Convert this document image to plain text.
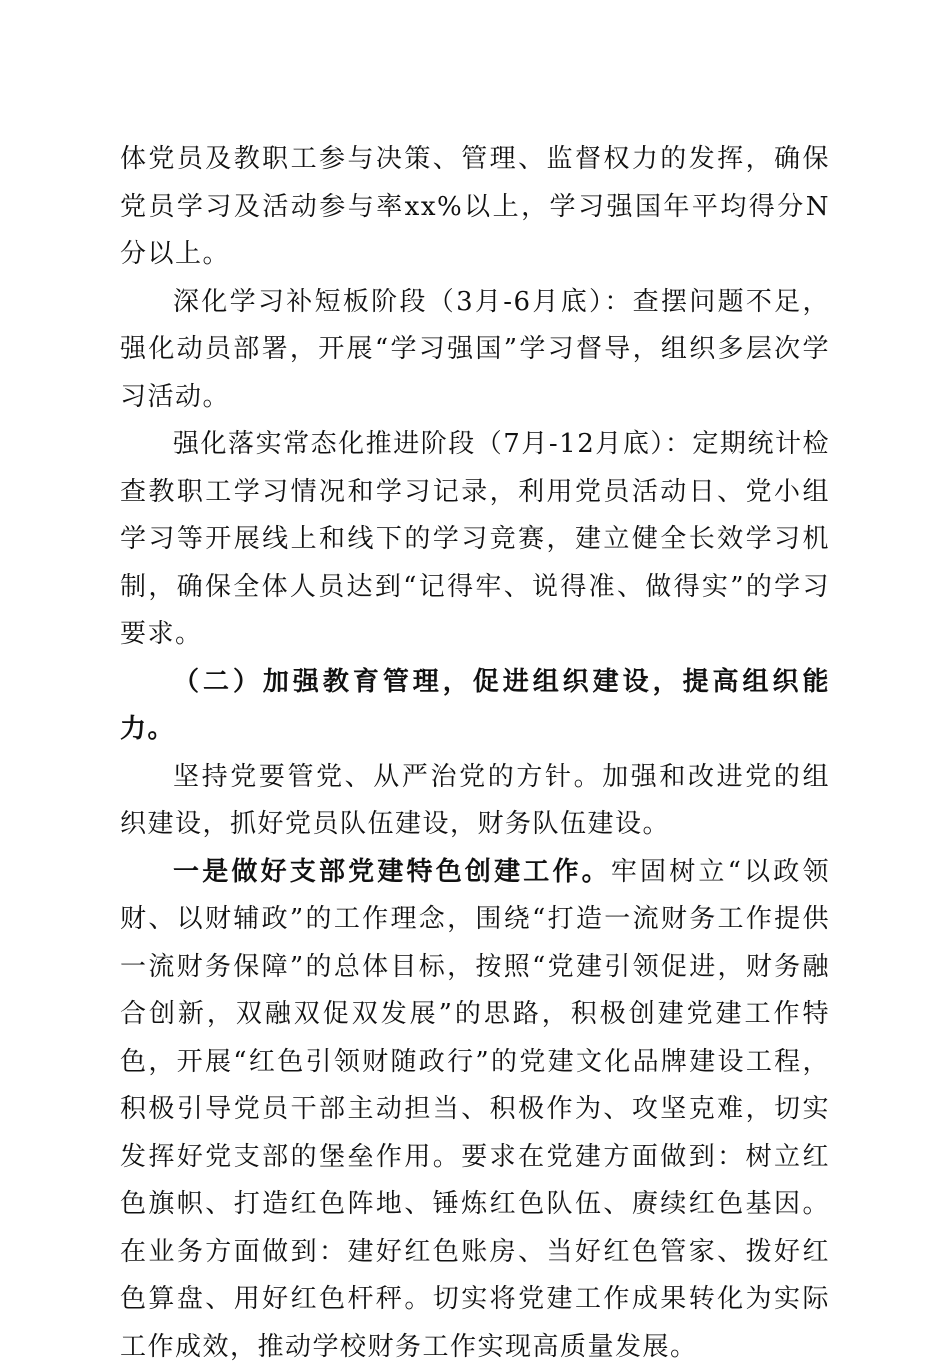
体党员及教职工参与决策、管理、监督权力的发挥，确保党员学习及活动参与率xx%以上，学习强国年平均得分N分以上。

深化学习补短板阶段（3月-6月底）：查摆问题不足，强化动员部署，开展“学习强国”学习督导，组织多层次学习活动。

强化落实常态化推进阶段（7月-12月底）：定期统计检查教职工学习情况和学习记录，利用党员活动日、党小组学习等开展线上和线下的学习竞赛，建立健全长效学习机制，确保全体人员达到“记得牢、说得准、做得实”的学习要求。

（二）加强教育管理，促进组织建设，提高组织能力。

坚持党要管党、从严治党的方针。加强和改进党的组织建设，抓好党员队伍建设，财务队伍建设。

一是做好支部党建特色创建工作。牢固树立“以政领财、以财辅政”的工作理念，围绕“打造一流财务工作提供一流财务保障”的总体目标，按照“党建引领促进，财务融合创新，双融双促双发展”的思路，积极创建党建工作特色，开展“红色引领财随政行”的党建文化品牌建设工程，积极引导党员干部主动担当、积极作为、攻坚克难，切实发挥好党支部的堡垒作用。要求在党建方面做到：树立红色旗帜、打造红色阵地、锤炼红色队伍、赓续红色基因。在业务方面做到：建好红色账房、当好红色管家、拨好红色算盘、用好红色杆秤。切实将党建工作成果转化为实际工作成效，推动学校财务工作实现高质量发展。
